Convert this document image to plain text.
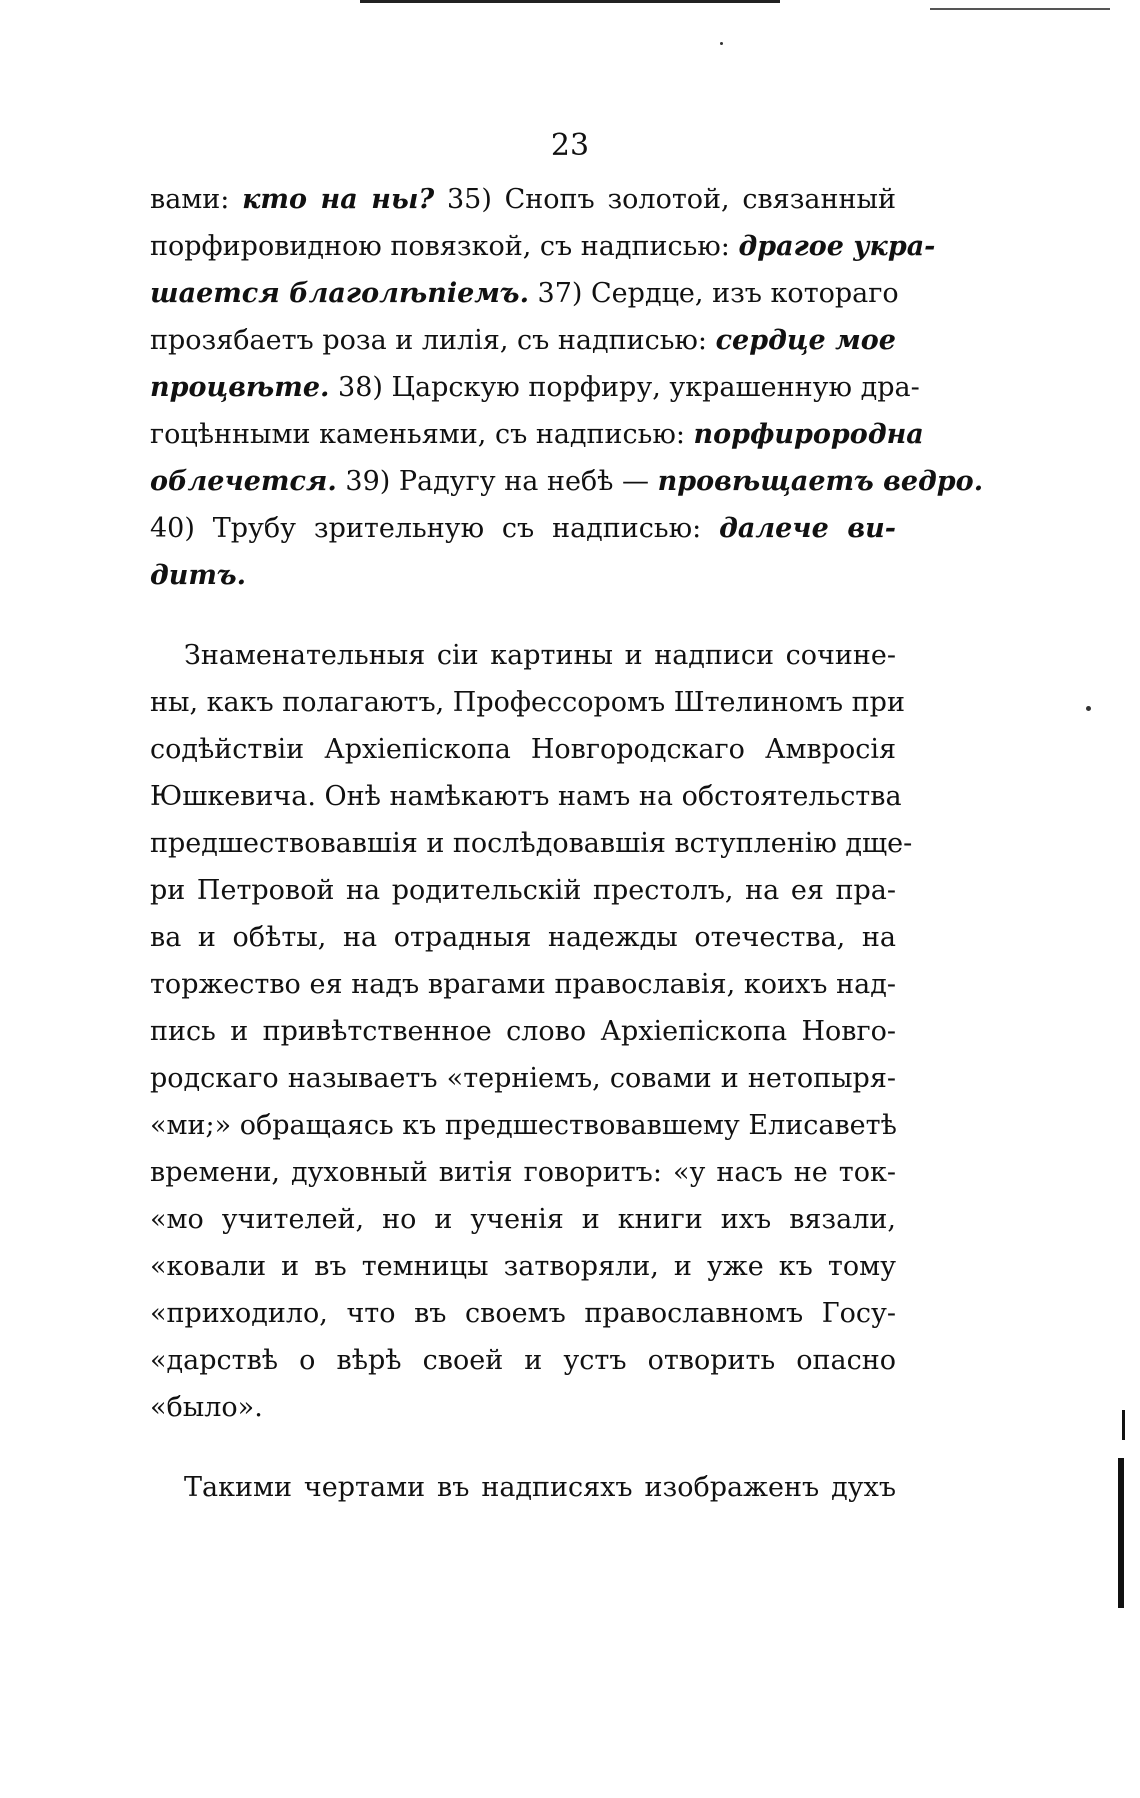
23
вами: кто на ны? 35) Снопъ золотой, связанный
порфировидною повязкой, съ надписью: драгое укра-
шается благолѣпіемъ. 37) Сердце, изъ котораго
прозябаетъ роза и лилія, съ надписью: сердце мое
процвѣте. 38) Царскую порфиру, украшенную дра-
гоцѣнными каменьями, съ надписью: порфирородна
облечется. 39) Радугу на небѣ — провѣщаетъ ведро.
40) Трубу зрительную съ надписью: далече ви-
дитъ.
Знаменательныя сіи картины и надписи сочине-
ны, какъ полагаютъ, Профессоромъ Штелиномъ при
содѣйствіи Архіепіскопа Новгородскаго Амвросія
Юшкевича. Онѣ намѣкаютъ намъ на обстоятельства
предшествовавшія и послѣдовавшія вступленію дще-
ри Петровой на родительскій престолъ, на ея пра-
ва и обѣты, на отрадныя надежды отечества, на
торжество ея надъ врагами православія, коихъ над-
пись и привѣтственное слово Архіепіскопа Новго-
родскаго называетъ «терніемъ, совами и нетопыря-
«ми;» обращаясь къ предшествовавшему Елисаветѣ
времени, духовный витія говоритъ: «у насъ не ток-
«мо учителей, но и ученія и книги ихъ вязали,
«ковали и въ темницы затворяли, и уже къ тому
«приходило, что въ своемъ православномъ Госу-
«дарствѣ о вѣрѣ своей и устъ отворить опасно
«было».
Такими чертами въ надписяхъ изображенъ духъ
